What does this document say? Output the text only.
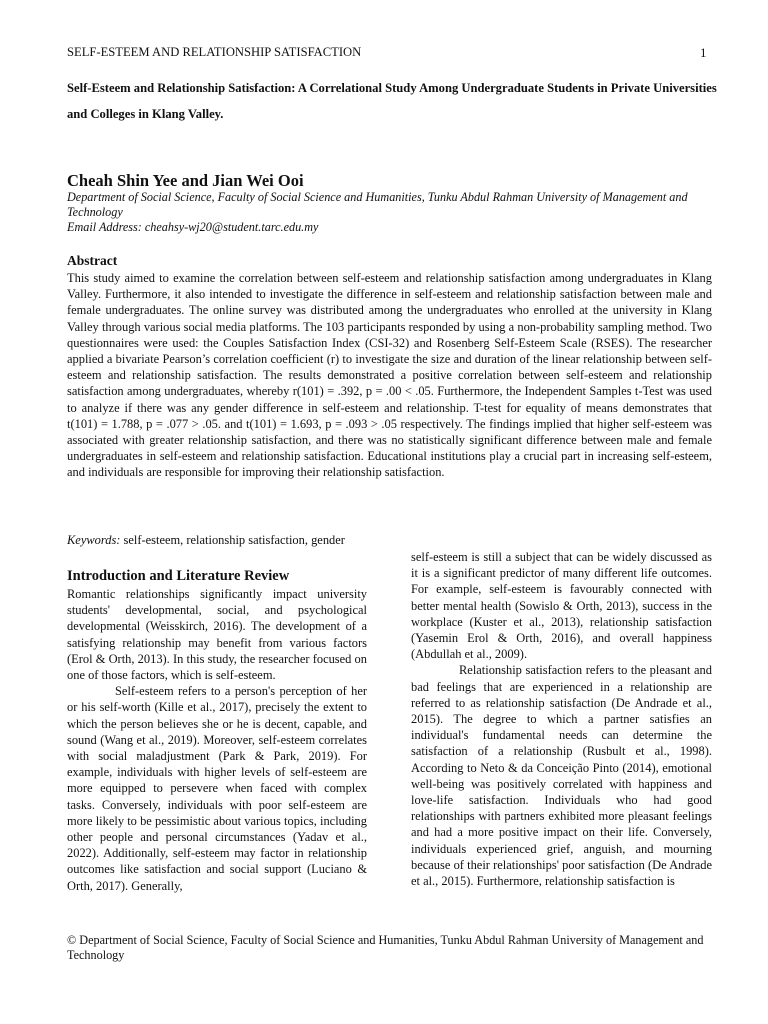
SELF-ESTEEM AND RELATIONSHIP SATISFACTION	1
Self-Esteem and Relationship Satisfaction: A Correlational Study Among Undergraduate Students in Private Universities and Colleges in Klang Valley.
Cheah Shin Yee and Jian Wei Ooi
Department of Social Science, Faculty of Social Science and Humanities, Tunku Abdul Rahman University of Management and Technology
Email Address: cheahsy-wj20@student.tarc.edu.my
Abstract
This study aimed to examine the correlation between self-esteem and relationship satisfaction among undergraduates in Klang Valley. Furthermore, it also intended to investigate the difference in self-esteem and relationship satisfaction between male and female undergraduates. The online survey was distributed among the undergraduates who enrolled at the university in Klang Valley through various social media platforms. The 103 participants responded by using a non-probability sampling method. Two questionnaires were used: the Couples Satisfaction Index (CSI-32) and Rosenberg Self-Esteem Scale (RSES). The researcher applied a bivariate Pearson’s correlation coefficient (r) to investigate the size and duration of the linear relationship between self-esteem and relationship satisfaction. The results demonstrated a positive correlation between self-esteem and relationship satisfaction among undergraduates, whereby r(101) = .392, p = .00 < .05. Furthermore, the Independent Samples t-Test was used to analyze if there was any gender difference in self-esteem and relationship. T-test for equality of means demonstrates that t(101) = 1.788, p = .077 > .05. and t(101) = 1.693, p = .093 > .05 respectively. The findings implied that higher self-esteem was associated with greater relationship satisfaction, and there was no statistically significant difference between male and female undergraduates in self-esteem and relationship satisfaction. Educational institutions play a crucial part in increasing self-esteem, and individuals are responsible for improving their relationship satisfaction.
Keywords: self-esteem, relationship satisfaction, gender
Introduction and Literature Review

Romantic relationships significantly impact university students' developmental, social, and psychological developmental (Weisskirch, 2016). The development of a satisfying relationship may benefit from various factors (Erol & Orth, 2013). In this study, the researcher focused on one of those factors, which is self-esteem.

Self-esteem refers to a person's perception of her or his self-worth (Kille et al., 2017), precisely the extent to which the person believes she or he is decent, capable, and sound (Wang et al., 2019). Moreover, self-esteem correlates with social maladjustment (Park & Park, 2019). For example, individuals with higher levels of self-esteem are more equipped to persevere when faced with complex tasks. Conversely, individuals with poor self-esteem are more likely to be pessimistic about various topics, including other people and personal circumstances (Yadav et al., 2022). Additionally, self-esteem may factor in relationship outcomes like satisfaction and social support (Luciano & Orth, 2017). Generally,

self-esteem is still a subject that can be widely discussed as it is a significant predictor of many different life outcomes. For example, self-esteem is favourably connected with better mental health (Sowislo & Orth, 2013), success in the workplace (Kuster et al., 2013), relationship satisfaction (Yasemin Erol & Orth, 2016), and overall happiness (Abdullah et al., 2009).

Relationship satisfaction refers to the pleasant and bad feelings that are experienced in a relationship are referred to as relationship satisfaction (De Andrade et al., 2015). The degree to which a partner satisfies an individual's fundamental needs can determine the satisfaction of a relationship (Rusbult et al., 1998). According to Neto & da Conceição Pinto (2014), emotional well-being was positively correlated with happiness and love-life satisfaction. Individuals who had good relationships with partners exhibited more pleasant feelings and had a more positive impact on their life. Conversely, individuals experienced grief, anguish, and mourning because of their relationships' poor satisfaction (De Andrade et al., 2015). Furthermore, relationship satisfaction is

© Department of Social Science, Faculty of Social Science and Humanities, Tunku Abdul Rahman University of Management and Technology
